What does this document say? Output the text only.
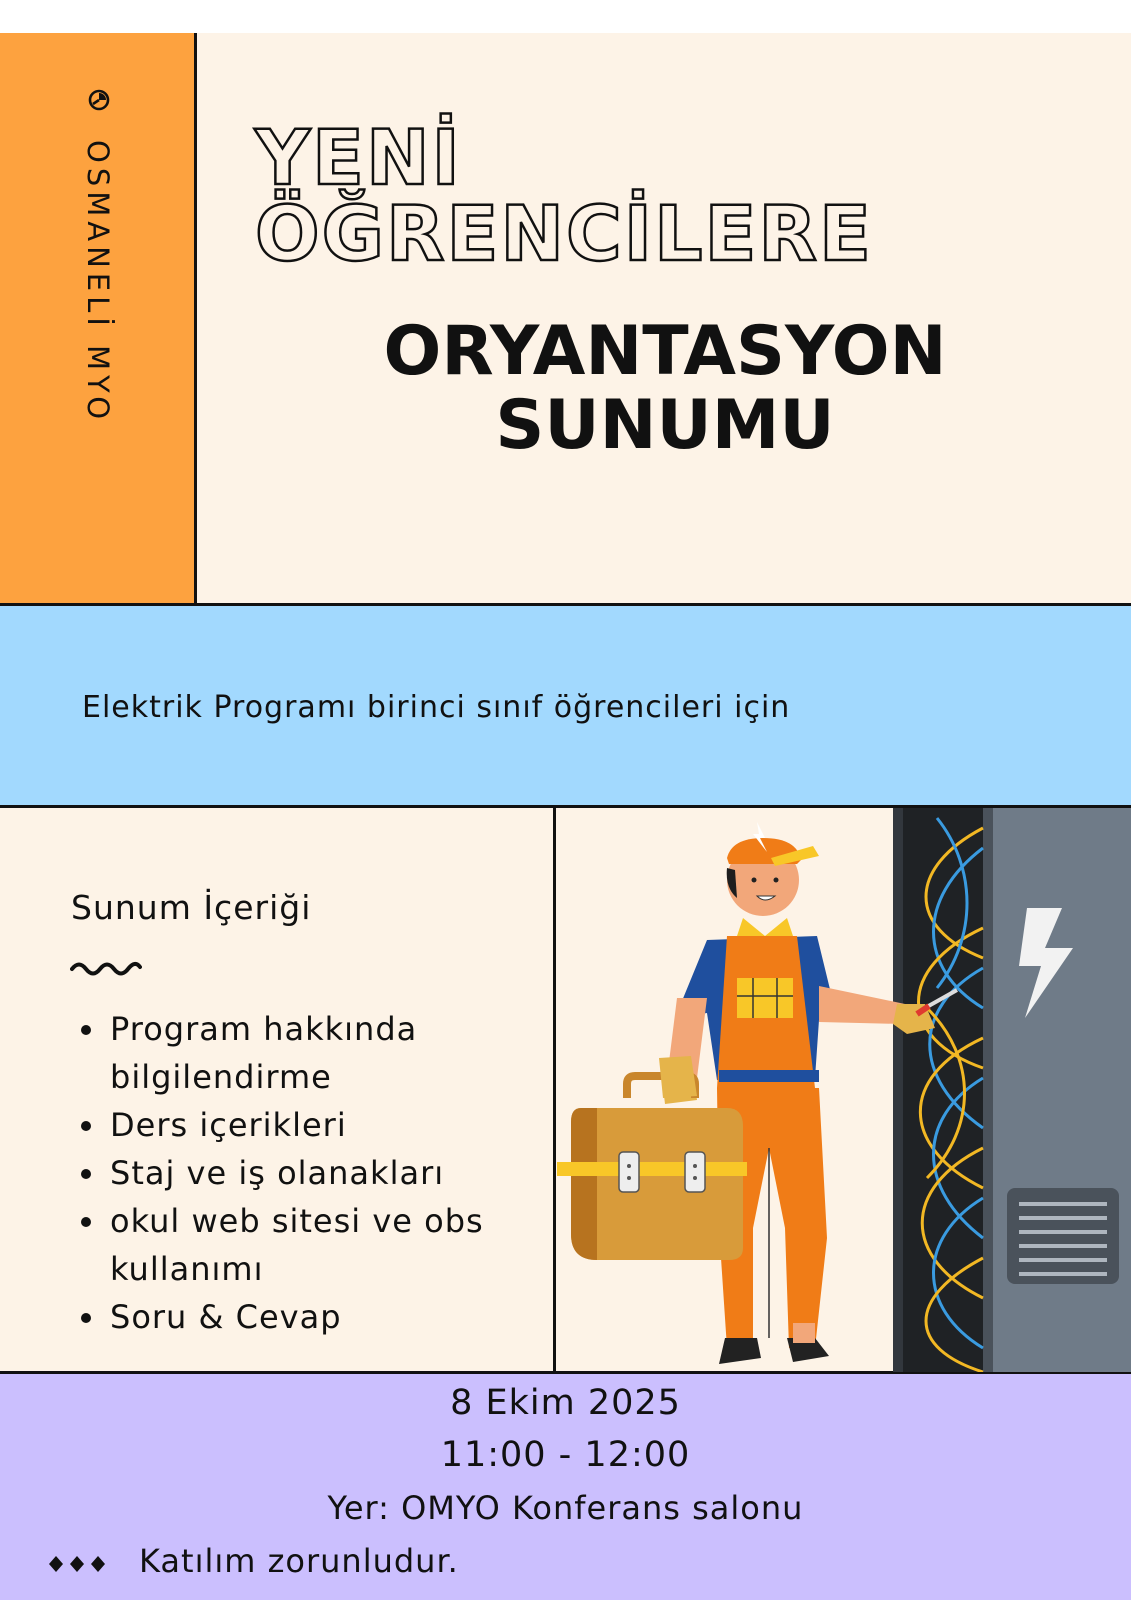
OSMANELİ MYO YENİ
ÖĞRENCİLERE
ORYANTASYON
SUNUMU
Elektrik Programı birinci sınıf öğrencileri için
Sunum İçeriği
Program hakkında bilgilendirme
Ders içerikleri
Staj ve iş olanakları
okul web sitesi ve obs kullanımı
Soru & Cevap
8 Ekim 2025
11:00 - 12:00
Yer: OMYO Konferans salonu
Katılım zorunludur.
